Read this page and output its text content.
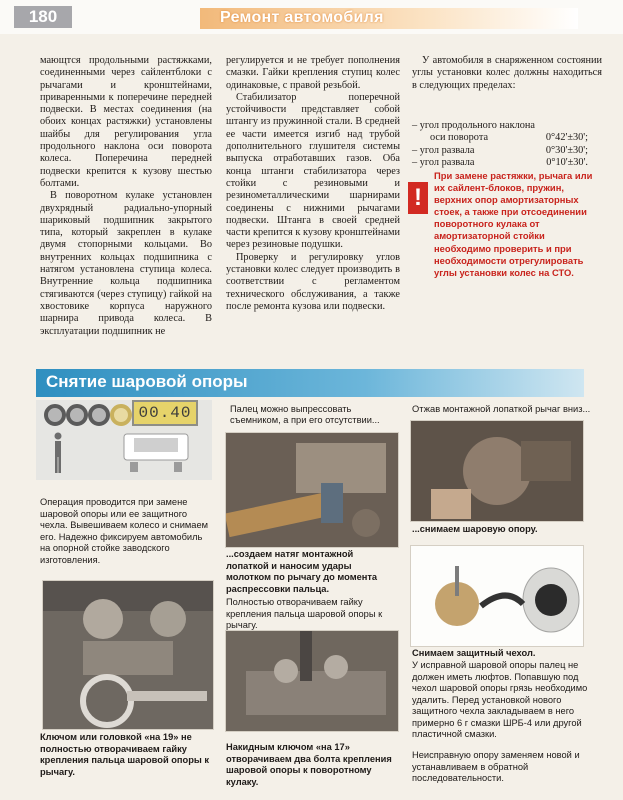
180	Ремонт автомобиля

мающтся продольными растяжками, соединенными через сайлентблоки с рычагами и кронштейнами, приваренными к поперечине передней подвески. В местах соединения (на обоих концах растяжки) установлены шайбы для регулирования угла продольного наклона оси поворота колеса. Поперечина передней подвески крепится к кузову шестью болтами.

В поворотном кулаке установлен двухрядный радиально-упорный шариковый подшипник закрытого типа, который закреплен в кулаке двумя стопорными кольцами. Во внутренних кольцах подшипника с натягом установлена ступица колеса. Внутренние кольца подшипника стягиваются (через ступицу) гайкой на хвостовике корпуса наружного шарнира привода колеса. В эксплуатации подшипник не

регулируется и не требует пополнения смазки. Гайки крепления ступиц колес одинаковые, с правой резьбой.

Стабилизатор поперечной устойчивости представляет собой штангу из пружинной стали. В средней ее части имеется изгиб над трубой дополнительного глушителя системы выпуска отработавших газов. Оба конца штанги стабилизатора через стойки с резиновыми и резинометаллическими шарнирами соединены с нижними рычагами подвески. Штанга в своей средней части крепится к кузову кронштейнами через резиновые подушки.

Проверку и регулировку углов установки колес следует производить в соответствии с регламентом технического обслуживания, а также после ремонта кузова или подвески.

У автомобиля в снаряженном состоянии углы установки колес должны находиться в следующих пределах:

– угол продольного наклона
оси поворота	0°42'±30';
– угол развала	0°30'±30';
– угол развала	0°10'±30'.
!
При замене растяжки, рычага или их сайлент-блоков, пружин, верхних опор амортизаторных стоек, а также при отсоединении поворотного кулака от амортизаторной стойки необходимо проверить и при необходимости отрегулировать углы установки колес на СТО.
Снятие шаровой опоры
00.40
Операция проводится при замене шаровой опоры или ее защитного чехла. Вывешиваем колесо и снимаем его. Надежно фиксируем автомобиль на опорной стойке заводского изготовления.
Палец можно выпрессовать съемником, а при его отсутствии...
Отжав монтажной лопаткой рычаг вниз...
...снимаем шаровую опору.
...создаем натяг монтажной лопаткой и наносим удары молотком по рычагу до момента распрессовки пальца.
Полностью отворачиваем гайку крепления пальца шаровой опоры к рычагу.
Снимаем защитный чехол.
У исправной шаровой опоры палец не должен иметь люфтов. Попавшую под чехол шаровой опоры грязь необходимо удалить. Перед установкой нового защитного чехла закладываем в него примерно 6 г смазки ШРБ-4 или другой пластичной смазки.
Неисправную опору заменяем новой и устанавливаем в обратной последовательности.
Ключом или головкой «на 19» не полностью отворачиваем гайку крепления пальца шаровой опоры к рычагу.
Накидным ключом «на 17» отворачиваем два болта крепления шаровой опоры к поворотному кулаку.
